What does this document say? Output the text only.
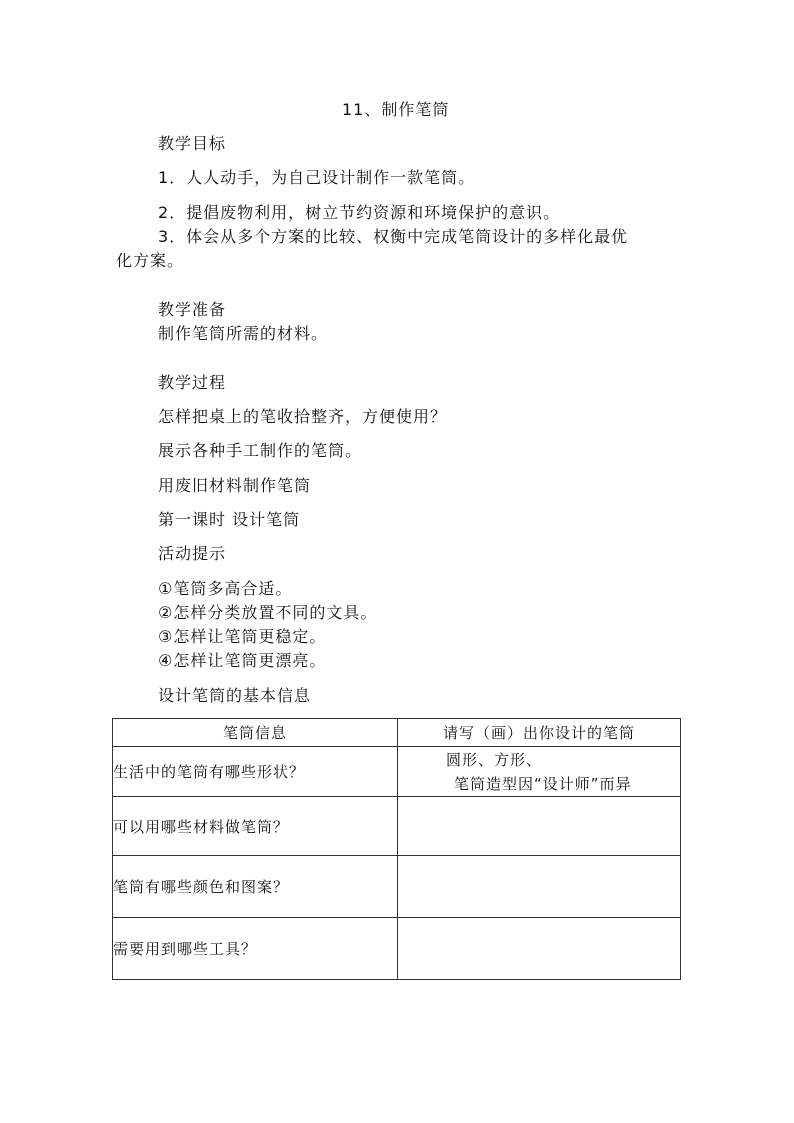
11、制作笔筒
教学目标
1．人人动手，为自己设计制作一款笔筒。
2．提倡废物利用，树立节约资源和环境保护的意识。
3．体会从多个方案的比较、权衡中完成笔筒设计的多样化最优
化方案。
教学准备
制作笔筒所需的材料。
教学过程
怎样把桌上的笔收拾整齐，方便使用？
展示各种手工制作的笔筒。
用废旧材料制作笔筒
第一课时 设计笔筒
活动提示
①笔筒多高合适。
②怎样分类放置不同的文具。
③怎样让笔筒更稳定。
④怎样让笔筒更漂亮。
设计笔筒的基本信息
笔筒信息	请写（画）出你设计的笔筒
生活中的笔筒有哪些形状？	圆形、方形、
笔筒造型因“设计师”而异

可以用哪些材料做笔筒？	
笔筒有哪些颜色和图案？	
需要用到哪些工具？	
